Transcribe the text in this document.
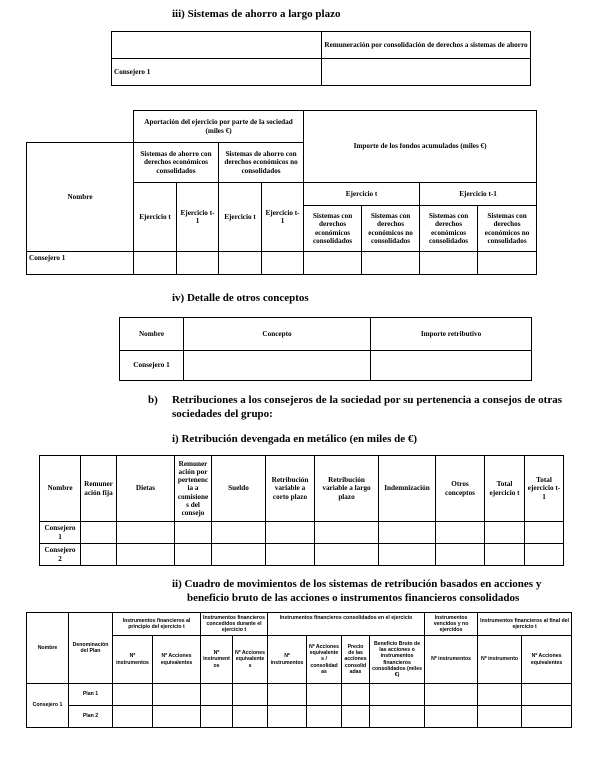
iii) Sistemas de ahorro a largo plazo
	Remuneración por consolidación de derechos a sistemas de ahorro
Consejero 1	
	Aportación del ejercicio por parte de la sociedad (miles €)				Importe de los fondos acumulados (miles €)			
Nombre	Sistemas de ahorro con derechos económicos consolidados		Sistemas de ahorro con derechos económicos no consolidados					
	Ejercicio t	Ejercicio t-1	Ejercicio t	Ejercicio t-1	Ejercicio t		Ejercicio t-1	
					Sistemas con derechos económicos consolidados	Sistemas con derechos económicos no consolidados	Sistemas con derechos económicos consolidados	Sistemas con derechos económicos no consolidados
Consejero 1								
iv) Detalle de otros conceptos
Nombre	Concepto	Importe retributivo
Consejero 1		
b) Retribuciones a los consejeros de la sociedad por su pertenencia a consejos de otras sociedades del grupo:
i) Retribución devengada en metálico (en miles de €)
Nombre	Remuneración fija	Dietas	Remuneración por pertenencia a comisiones del consejo	Sueldo	Retribución variable a corto plazo	Retribución variable a largo plazo	Indemnización	Otros conceptos	Total ejercicio t	Total ejercicio t-1
Consejero 1										
Consejero 2										
ii) Cuadro de movimientos de los sistemas de retribución basados en acciones y
beneficio bruto de las acciones o instrumentos financieros consolidados
Nombre	Denominación del Plan	Instrumentos financieros al principio del ejercicio t		Instrumentos financieros concedidos durante el ejercicio t		Instrumentos financieros consolidados en el ejercicio				Instrumentos vencidos y no ejercidos	Instrumentos financieros al final del ejercicio t	
		Nº instrumentos	Nº Acciones equivalentes	Nº instrumentos	Nº Acciones equivalentes	Nº instrumentos	Nº Acciones equivalentes / consolidadas	Precio de las acciones consolidadas	Beneficio Bruto de las acciones o instrumentos financieros consolidados (miles €)	Nº instrumentos	Nº instrumento	Nº Acciones equivalentes
Consejero 1	Plan 1											
	Plan 2											
